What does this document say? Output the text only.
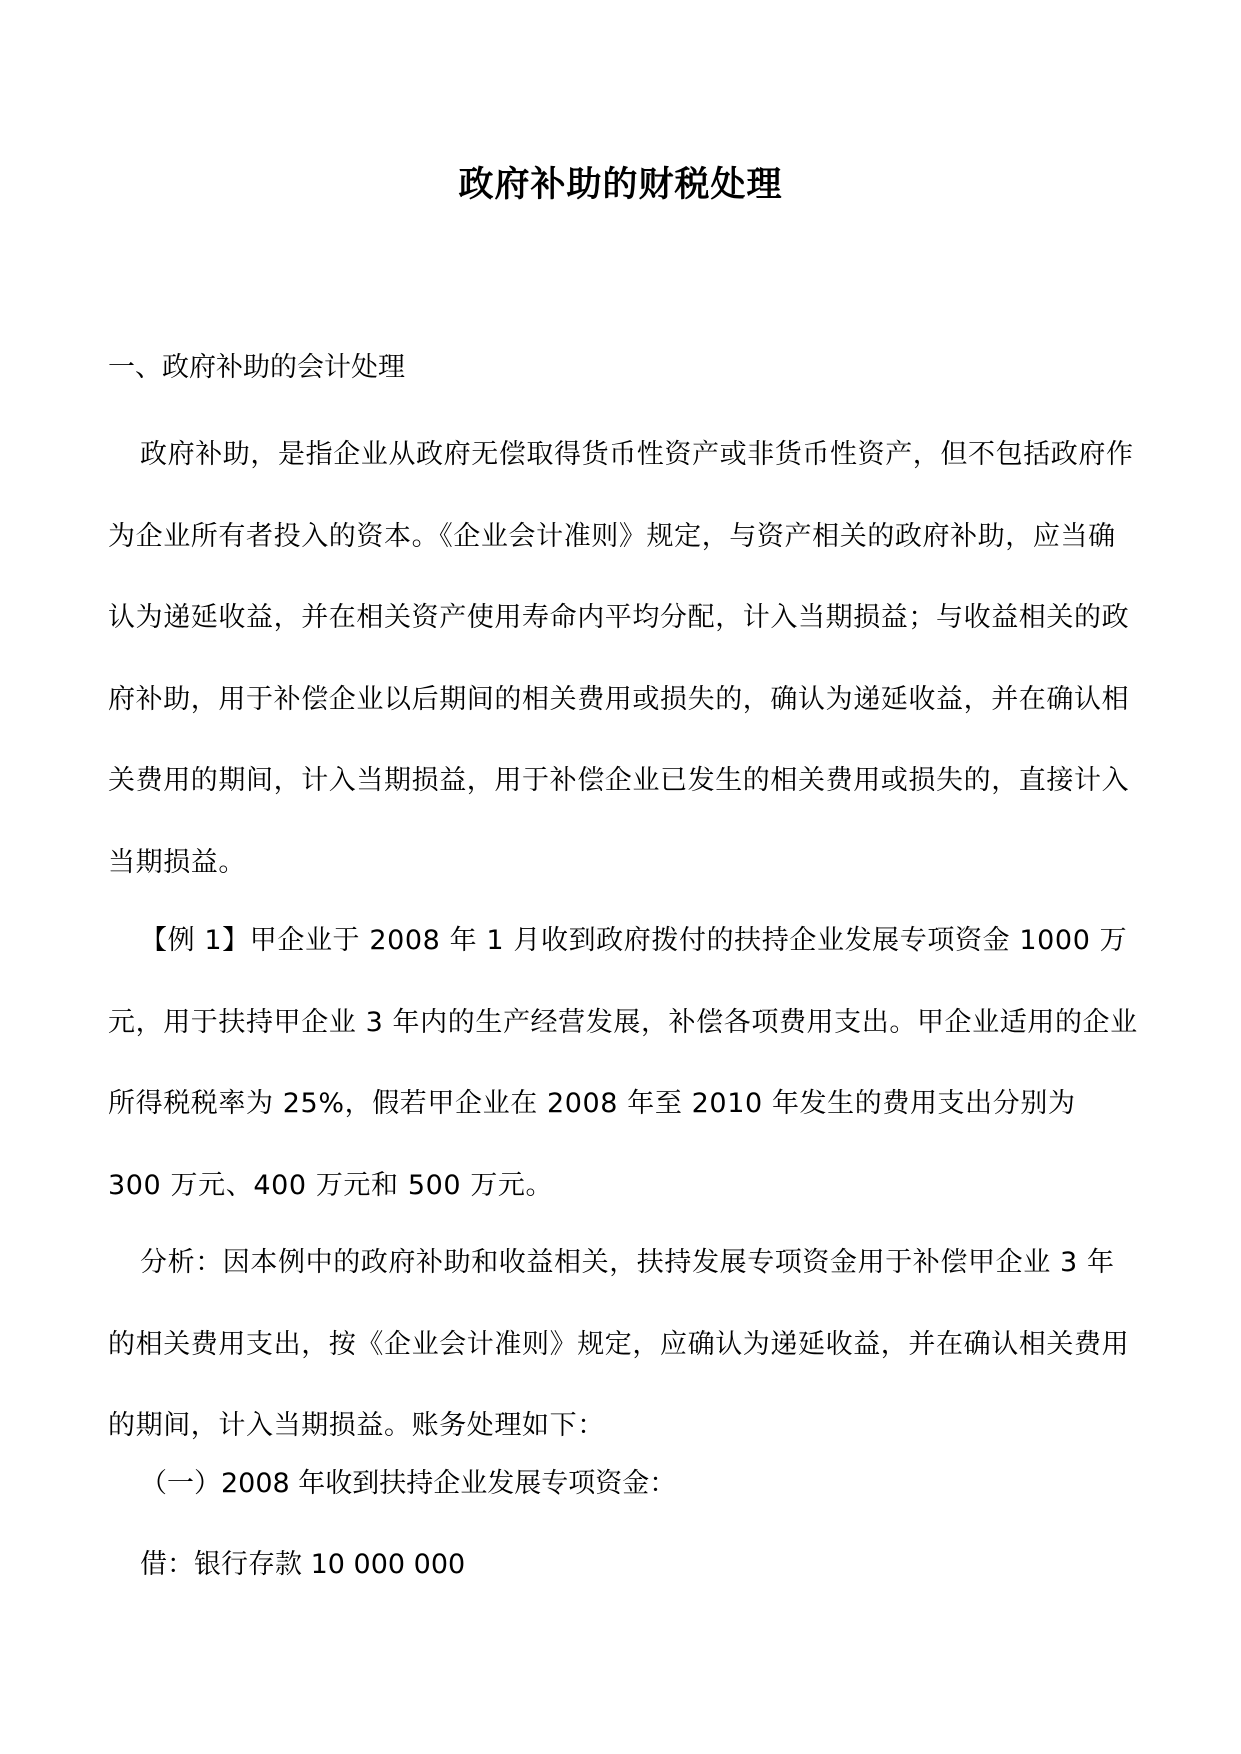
政府补助的财税处理
一、政府补助的会计处理
政府补助，是指企业从政府无偿取得货币性资产或非货币性资产，但不包括政府作为企业所有者投入的资本。《企业会计准则》规定，与资产相关的政府补助，应当确认为递延收益，并在相关资产使用寿命内平均分配，计入当期损益；与收益相关的政府补助，用于补偿企业以后期间的相关费用或损失的，确认为递延收益，并在确认相关费用的期间，计入当期损益，用于补偿企业已发生的相关费用或损失的，直接计入当期损益。
【例 1】甲企业于 2008 年 1 月收到政府拨付的扶持企业发展专项资金 1000 万元，用于扶持甲企业 3 年内的生产经营发展，补偿各项费用支出。甲企业适用的企业所得税税率为 25%，假若甲企业在 2008 年至 2010 年发生的费用支出分别为 300 万元、400 万元和 500 万元。
分析：因本例中的政府补助和收益相关，扶持发展专项资金用于补偿甲企业 3 年的相关费用支出，按《企业会计准则》规定，应确认为递延收益，并在确认相关费用的期间，计入当期损益。账务处理如下：
（一）2008 年收到扶持企业发展专项资金：
借：银行存款 10 000 000
